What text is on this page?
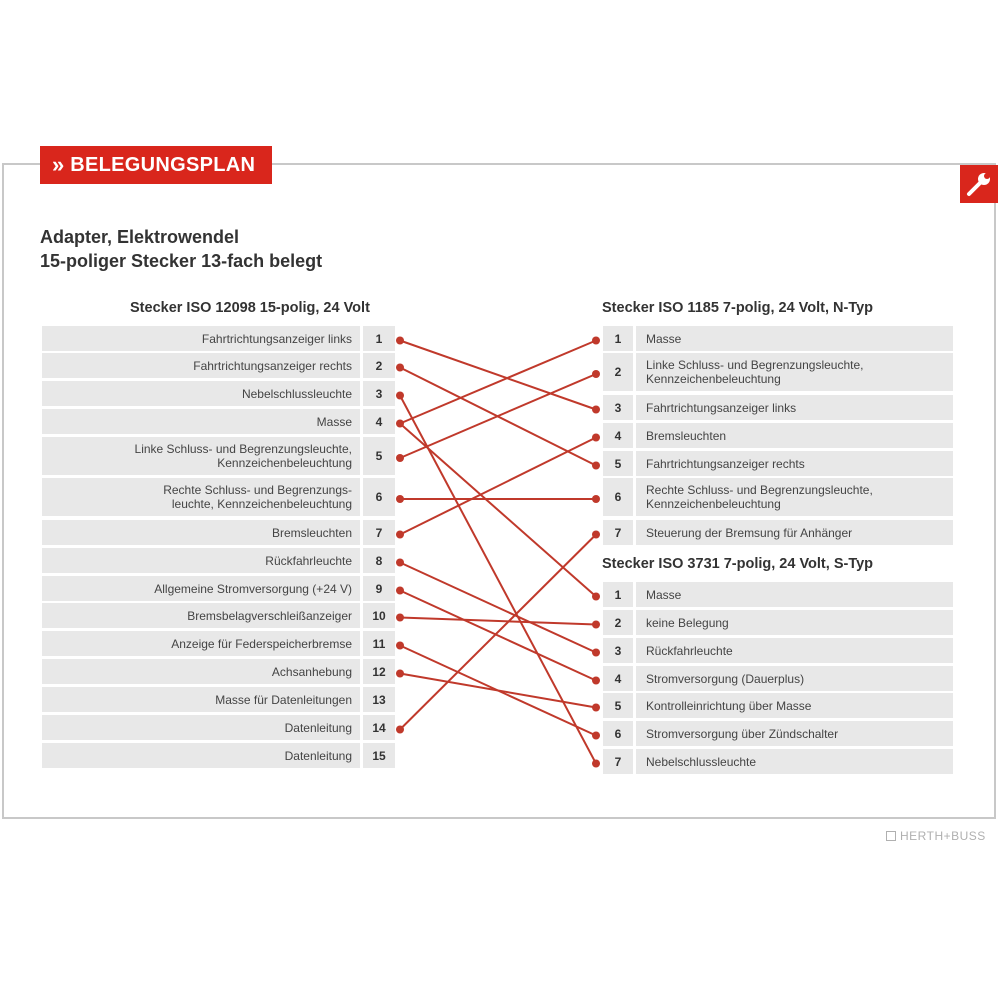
» BELEGUNGSPLAN
Adapter, Elektrowendel
15-poliger Stecker 13-fach belegt
Stecker ISO 12098 15-polig, 24 Volt	Stecker ISO 1185 7-polig, 24 Volt, N-Typ
Stecker ISO 3731 7-polig, 24 Volt, S-Typ
Fahrtrichtungsanzeiger links	1
Fahrtrichtungsanzeiger rechts	2
Nebelschlussleuchte	3
Masse	4
Linke Schluss- und Begrenzungsleuchte,
Kennzeichenbeleuchtung	5
Rechte Schluss- und Begrenzungs-
leuchte, Kennzeichenbeleuchtung	6
Bremsleuchten	7
Rückfahrleuchte	8
Allgemeine Stromversorgung (+24 V)	9
Bremsbelagverschleißanzeiger	10
Anzeige für Federspeicherbremse	11
Achsanhebung	12
Masse für Datenleitungen	13
Datenleitung	14
Datenleitung	15
1	Masse
2	Linke Schluss- und Begrenzungsleuchte,
Kennzeichenbeleuchtung
3	Fahrtrichtungsanzeiger links
4	Bremsleuchten
5	Fahrtrichtungsanzeiger rechts
6	Rechte Schluss- und Begrenzungsleuchte,
Kennzeichenbeleuchtung
7	Steuerung der Bremsung für Anhänger
1	Masse
2	keine Belegung
3	Rückfahrleuchte
4	Stromversorgung (Dauerplus)
5	Kontrolleinrichtung über Masse
6	Stromversorgung über Zündschalter
7	Nebelschlussleuchte
HERTH+BUSS
